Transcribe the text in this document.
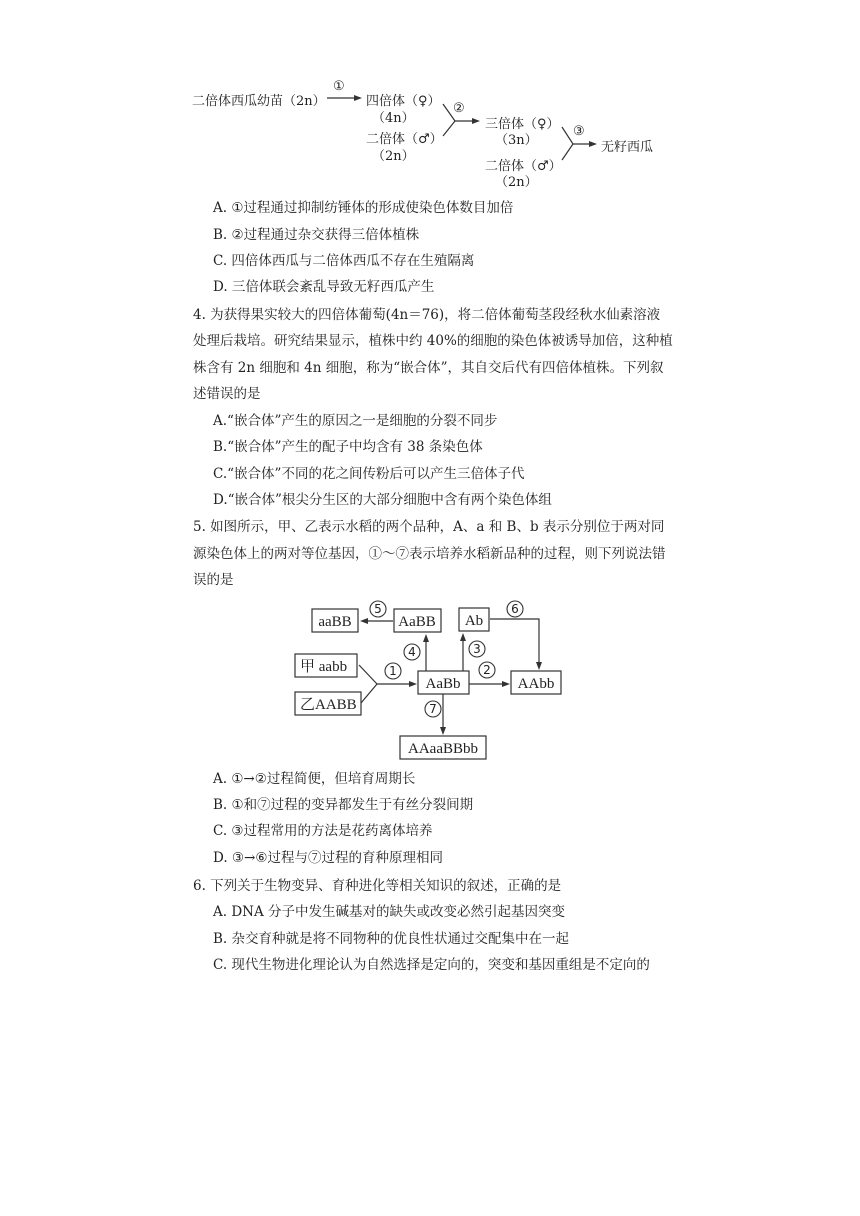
二倍体西瓜幼苗（2n）
①
四倍体（♀）
（4n）
二倍体（♂）
（2n）
②
三倍体（♀）
（3n）
二倍体（♂）
（2n）
③
无籽西瓜
A. ①过程通过抑制纺锤体的形成使染色体数目加倍
B. ②过程通过杂交获得三倍体植株
C. 四倍体西瓜与二倍体西瓜不存在生殖隔离
D. 三倍体联会紊乱导致无籽西瓜产生
4. 为获得果实较大的四倍体葡萄(4n＝76)，将二倍体葡萄茎段经秋水仙素溶液
处理后栽培。研究结果显示，植株中约 40%的细胞的染色体被诱导加倍，这种植
株含有 2n 细胞和 4n 细胞，称为“嵌合体”，其自交后代有四倍体植株。下列叙
述错误的是
A.“嵌合体”产生的原因之一是细胞的分裂不同步
B.“嵌合体”产生的配子中均含有 38 条染色体
C.“嵌合体”不同的花之间传粉后可以产生三倍体子代
D.“嵌合体”根尖分生区的大部分细胞中含有两个染色体组
5. 如图所示，甲、乙表示水稻的两个品种，A、a 和 B、b 表示分别位于两对同
源染色体上的两对等位基因，①～⑦表示培养水稻新品种的过程，则下列说法错
误的是
aaBB	AaBB Ab
甲 aabb
乙AABB
AaBb	AAbb
AAaaBBbb
5
4	3
6
1	2
7
A. ①→②过程简便，但培育周期长
B. ①和⑦过程的变异都发生于有丝分裂间期
C. ③过程常用的方法是花药离体培养
D. ③→⑥过程与⑦过程的育种原理相同
6. 下列关于生物变异、育种进化等相关知识的叙述，正确的是
A. DNA 分子中发生碱基对的缺失或改变必然引起基因突变
B. 杂交育种就是将不同物种的优良性状通过交配集中在一起
C. 现代生物进化理论认为自然选择是定向的，突变和基因重组是不定向的
